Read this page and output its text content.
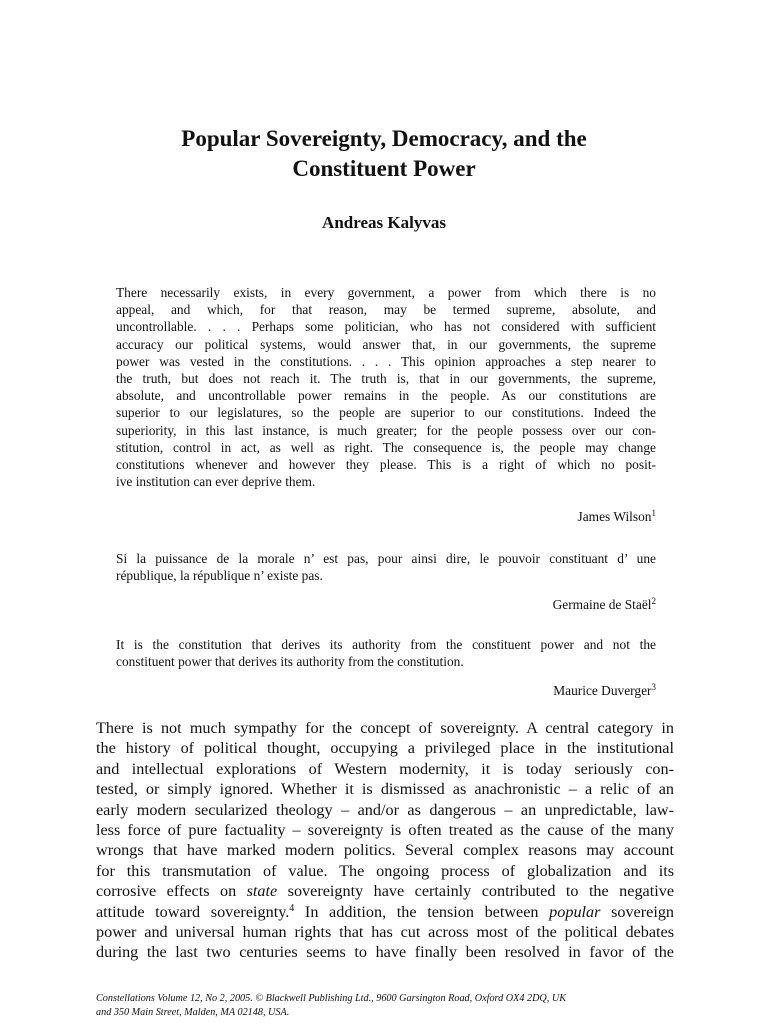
Popular Sovereignty, Democracy, and the
Constituent Power
Andreas Kalyvas
There necessarily exists, in every government, a power from which there is no
appeal, and which, for that reason, may be termed supreme, absolute, and
uncontrollable. . . . Perhaps some politician, who has not considered with sufficient
accuracy our political systems, would answer that, in our governments, the supreme
power was vested in the constitutions. . . . This opinion approaches a step nearer to
the truth, but does not reach it. The truth is, that in our governments, the supreme,
absolute, and uncontrollable power remains in the people. As our constitutions are
superior to our legislatures, so the people are superior to our constitutions. Indeed the
superiority, in this last instance, is much greater; for the people possess over our con-
stitution, control in act, as well as right. The consequence is, the people may change
constitutions whenever and however they please. This is a right of which no posit-
ive institution can ever deprive them.
James Wilson$^1$
Si la puissance de la morale n’ est pas, pour ainsi dire, le pouvoir constituant d’ une
république, la république n’ existe pas.
Germaine de Staël$^2$
It is the constitution that derives its authority from the constituent power and not the
constituent power that derives its authority from the constitution.
Maurice Duverger$^3$
There is not much sympathy for the concept of sovereignty. A central category in
the history of political thought, occupying a privileged place in the institutional
and intellectual explorations of Western modernity, it is today seriously con-
tested, or simply ignored. Whether it is dismissed as anachronistic – a relic of an
early modern secularized theology – and/or as dangerous – an unpredictable, law-
less force of pure factuality – sovereignty is often treated as the cause of the many
wrongs that have marked modern politics. Several complex reasons may account
for this transmutation of value. The ongoing process of globalization and its
corrosive effects on state sovereignty have certainly contributed to the negative
attitude toward sovereignty.$^4$ In addition, the tension between popular sovereign
power and universal human rights that has cut across most of the political debates
during the last two centuries seems to have finally been resolved in favor of the
Constellations Volume 12, No 2, 2005. © Blackwell Publishing Ltd., 9600 Garsington Road, Oxford OX4 2DQ, UK
and 350 Main Street, Malden, MA 02148, USA.
